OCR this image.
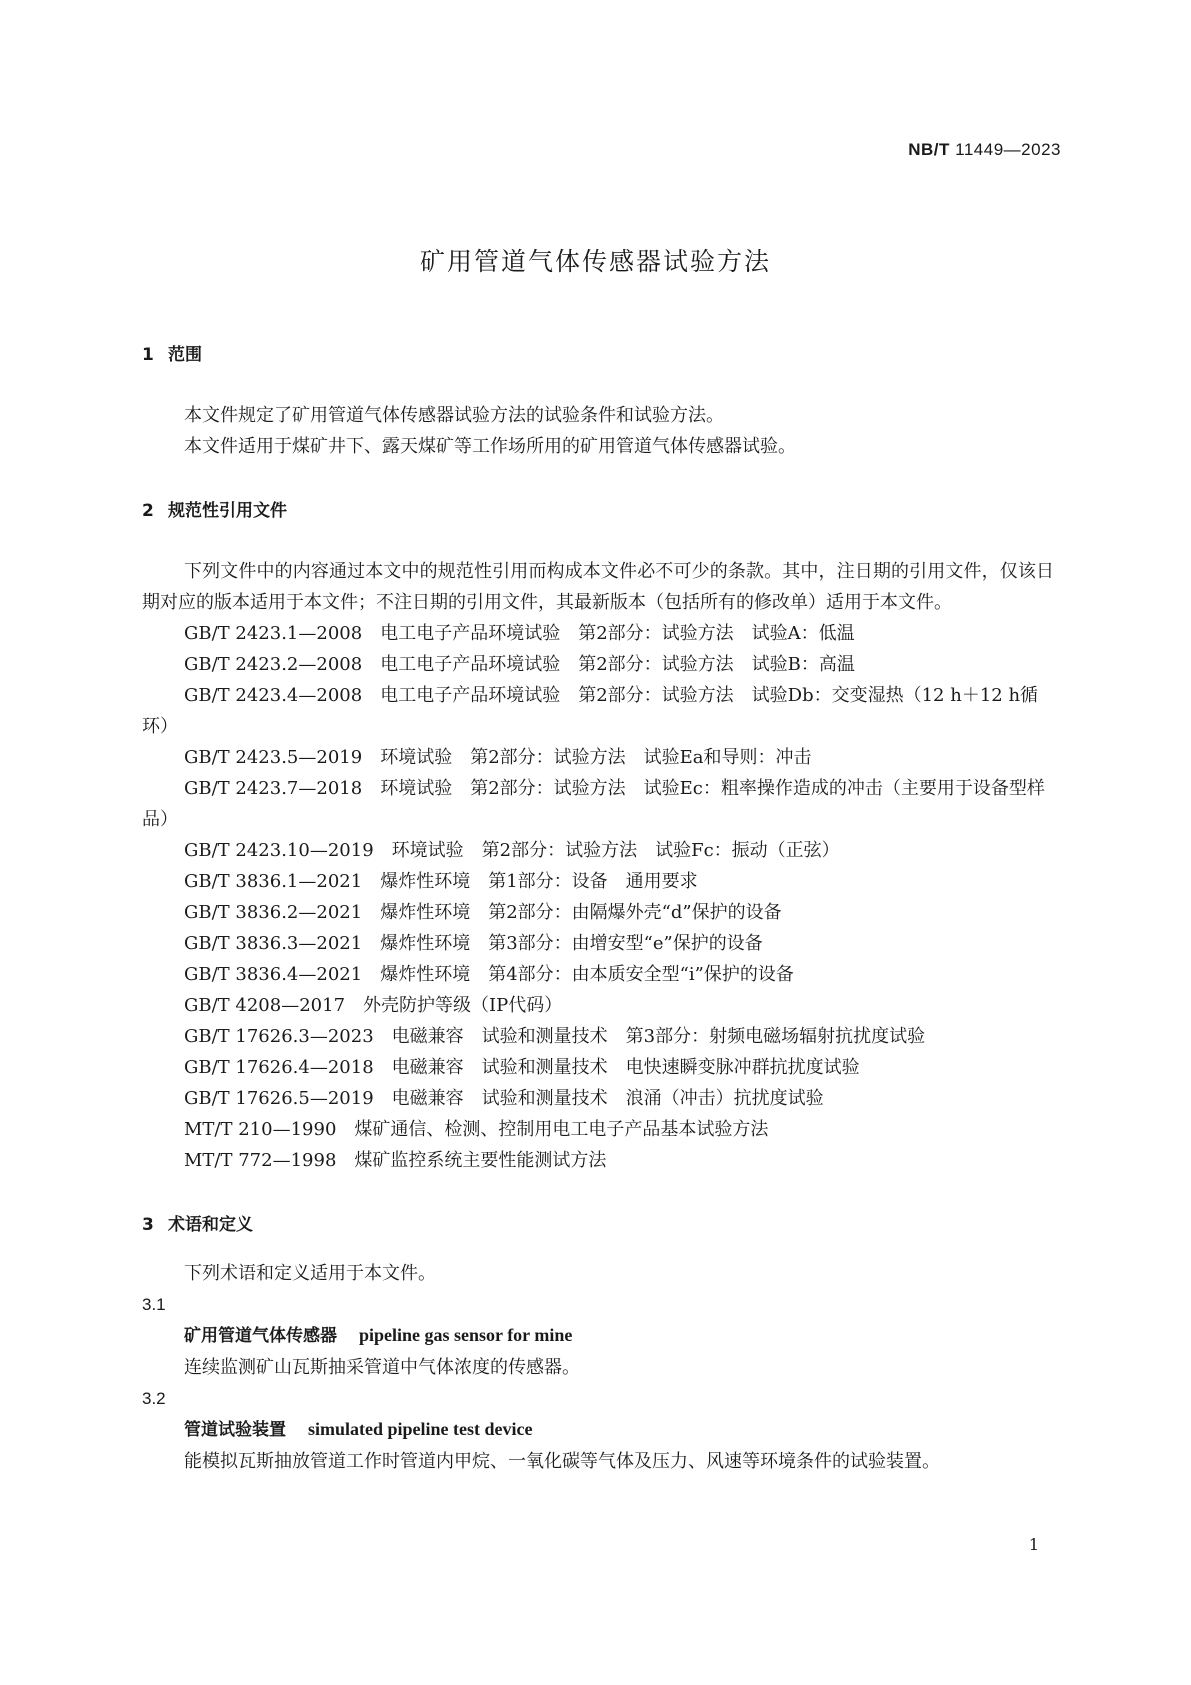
NB/T 11449—2023
矿用管道气体传感器试验方法
1 范围
本文件规定了矿用管道气体传感器试验方法的试验条件和试验方法。
本文件适用于煤矿井下、露天煤矿等工作场所用的矿用管道气体传感器试验。
2 规范性引用文件
下列文件中的内容通过本文中的规范性引用而构成本文件必不可少的条款。其中，注日期的引用文件，仅该日期对应的版本适用于本文件；不注日期的引用文件，其最新版本（包括所有的修改单）适用于本文件。
GB/T 2423.1—2008 电工电子产品环境试验　第2部分：试验方法　试验A：低温
GB/T 2423.2—2008 电工电子产品环境试验　第2部分：试验方法　试验B：高温
GB/T 2423.4—2008 电工电子产品环境试验　第2部分：试验方法　试验Db：交变湿热（12 h＋12 h循环）
GB/T 2423.5—2019 环境试验　第2部分：试验方法　试验Ea和导则：冲击
GB/T 2423.7—2018 环境试验　第2部分：试验方法　试验Ec：粗率操作造成的冲击（主要用于设备型样品）
GB/T 2423.10—2019 环境试验　第2部分：试验方法　试验Fc：振动（正弦）
GB/T 3836.1—2021 爆炸性环境　第1部分：设备　通用要求
GB/T 3836.2—2021 爆炸性环境　第2部分：由隔爆外壳“d”保护的设备
GB/T 3836.3—2021 爆炸性环境　第3部分：由增安型“e”保护的设备
GB/T 3836.4—2021 爆炸性环境　第4部分：由本质安全型“i”保护的设备
GB/T 4208—2017 外壳防护等级（IP代码）
GB/T 17626.3—2023 电磁兼容　试验和测量技术　第3部分：射频电磁场辐射抗扰度试验
GB/T 17626.4—2018 电磁兼容　试验和测量技术　电快速瞬变脉冲群抗扰度试验
GB/T 17626.5—2019 电磁兼容　试验和测量技术　浪涌（冲击）抗扰度试验
MT/T 210—1990 煤矿通信、检测、控制用电工电子产品基本试验方法
MT/T 772—1998 煤矿监控系统主要性能测试方法
3 术语和定义
下列术语和定义适用于本文件。
3.1
矿用管道气体传感器 pipeline gas sensor for mine
连续监测矿山瓦斯抽采管道中气体浓度的传感器。
3.2
管道试验装置 simulated pipeline test device
能模拟瓦斯抽放管道工作时管道内甲烷、一氧化碳等气体及压力、风速等环境条件的试验装置。
1
